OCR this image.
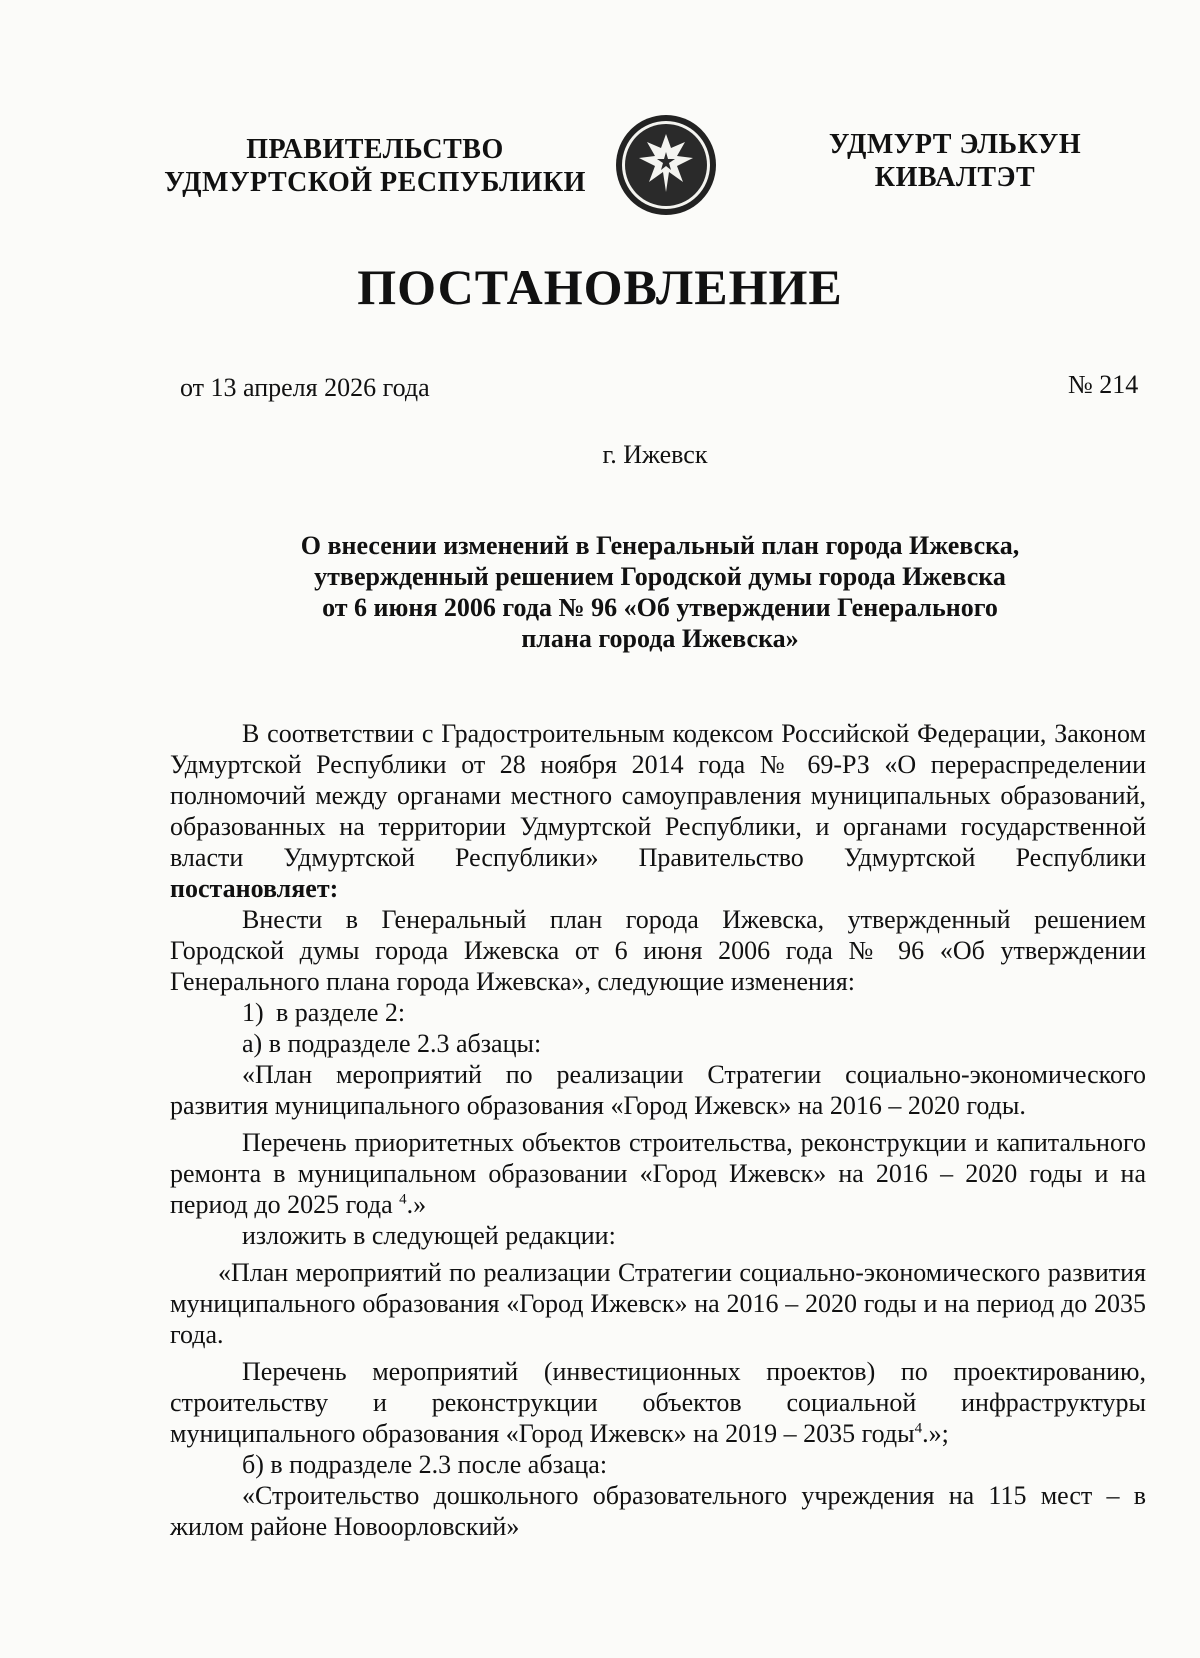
ПРАВИТЕЛЬСТВО
УДМУРТСКОЙ РЕСПУБЛИКИ
УДМУРТ ЭЛЬКУН
КИВАЛТЭТ
ПОСТАНОВЛЕНИЕ
от 13 апреля 2026 года	№ 214
г. Ижевск
О внесении изменений в Генеральный план города Ижевска,
утвержденный решением Городской думы города Ижевска
от 6 июня 2006 года № 96 «Об утверждении Генерального
плана города Ижевска»

В соответствии с Градостроительным кодексом Российской Федерации, Законом Удмуртской Республики от 28 ноября 2014 года № 69-РЗ «О перераспределении полномочий между органами местного самоуправления муниципальных образований, образованных на территории Удмуртской Республики, и органами государственной власти Удмуртской Республики» Правительство Удмуртской Республики постановляет:

Внести в Генеральный план города Ижевска, утвержденный решением Городской думы города Ижевска от 6 июня 2006 года № 96 «Об утверждении Генерального плана города Ижевска», следующие изменения:

1) в разделе 2:

а) в подразделе 2.3 абзацы:

«План мероприятий по реализации Стратегии социально-экономического развития муниципального образования «Город Ижевск» на 2016 – 2020 годы.

Перечень приоритетных объектов строительства, реконструкции и капитального ремонта в муниципальном образовании «Город Ижевск» на 2016 – 2020 годы и на период до 2025 года $^4$.»

изложить в следующей редакции:

«План мероприятий по реализации Стратегии социально-экономического развития муниципального образования «Город Ижевск» на 2016 – 2020 годы и на период до 2035 года.

Перечень мероприятий (инвестиционных проектов) по проектированию, строительству и реконструкции объектов социальной инфраструктуры муниципального образования «Город Ижевск» на 2019 – 2035 годы$^4$.»;

б) в подразделе 2.3 после абзаца:

«Строительство дошкольного образовательного учреждения на 115 мест – в жилом районе Новоорловский»
